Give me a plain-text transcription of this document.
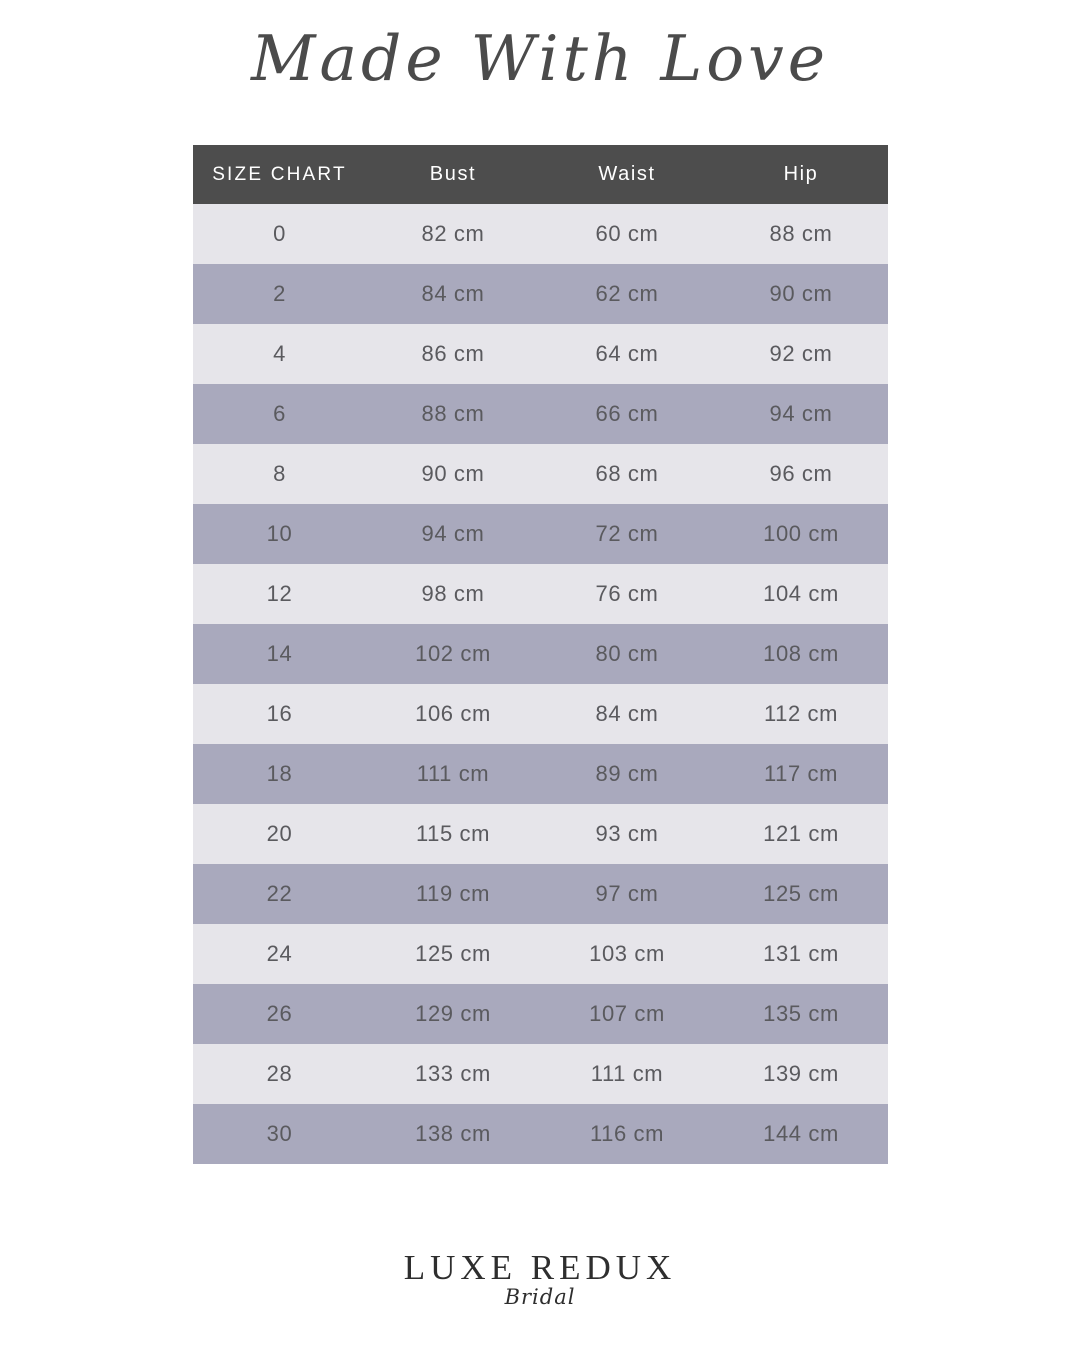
Made With Love
SIZE CHART	Bust	Waist	Hip
0	82 cm	60 cm	88 cm
2	84 cm	62 cm	90 cm
4	86 cm	64 cm	92 cm
6	88 cm	66 cm	94 cm
8	90 cm	68 cm	96 cm
10	94 cm	72 cm	100 cm
12	98 cm	76 cm	104 cm
14	102 cm	80 cm	108 cm
16	106 cm	84 cm	112 cm
18	111 cm	89 cm	117 cm
20	115 cm	93 cm	121 cm
22	119 cm	97 cm	125 cm
24	125 cm	103 cm	131 cm
26	129 cm	107 cm	135 cm
28	133 cm	111 cm	139 cm
30	138 cm	116 cm	144 cm
LUXE REDUX
Bridal
